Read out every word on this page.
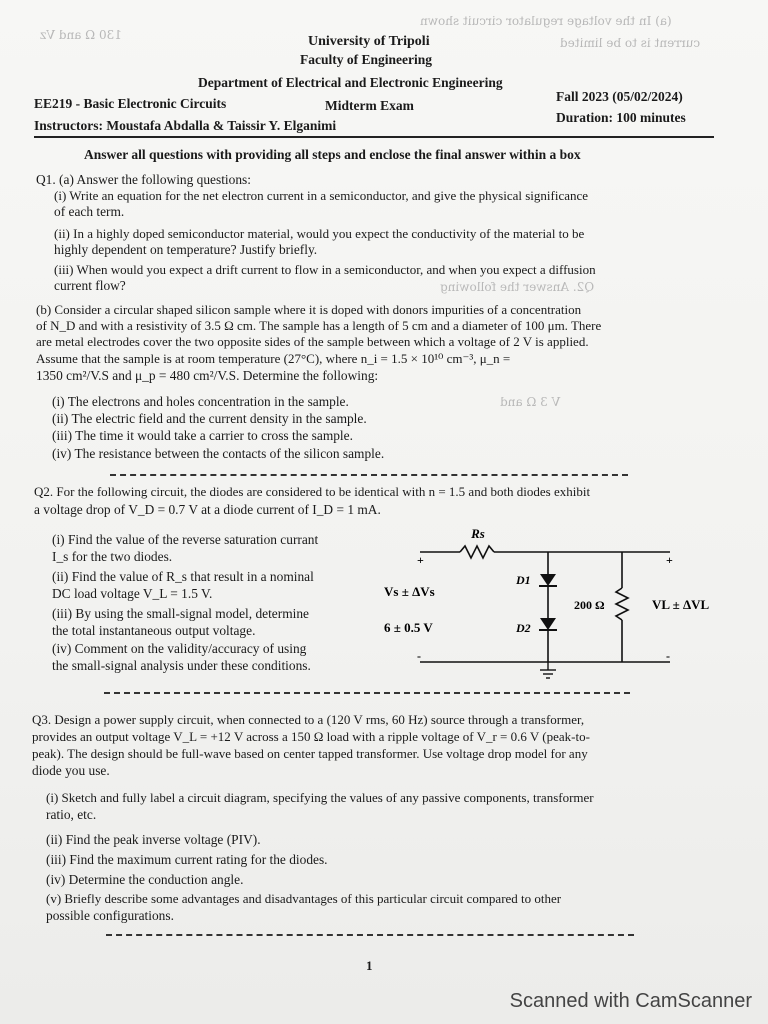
(a) In the voltage regulator circuit shown
current is to be limited
130 Ω and Vz
Q2. Answer the following
V 3 Ω and
University of Tripoli
Faculty of Engineering
Department of Electrical and Electronic Engineering
EE219 - Basic Electronic Circuits	Midterm Exam
Fall 2023 (05/02/2024)
Instructors: Moustafa Abdalla & Taissir Y. Elganimi
Duration: 100 minutes
Answer all questions with providing all steps and enclose the final answer within a box
Q1. (a) Answer the following questions:
(i) Write an equation for the net electron current in a semiconductor, and give the physical significance
of each term.
(ii) In a highly doped semiconductor material, would you expect the conductivity of the material to be
highly dependent on temperature? Justify briefly.
(iii) When would you expect a drift current to flow in a semiconductor, and when you expect a diffusion
current flow?
(b) Consider a circular shaped silicon sample where it is doped with donors impurities of a concentration
of N_D and with a resistivity of 3.5 Ω cm. The sample has a length of 5 cm and a diameter of 100 μm. There
are metal electrodes cover the two opposite sides of the sample between which a voltage of 2 V is applied.
Assume that the sample is at room temperature (27°C), where n_i = 1.5 × 10¹⁰ cm⁻³, μ_n =
1350 cm²/V.S and μ_p = 480 cm²/V.S. Determine the following:
(i) The electrons and holes concentration in the sample.
(ii) The electric field and the current density in the sample.
(iii) The time it would take a carrier to cross the sample.
(iv) The resistance between the contacts of the silicon sample.
Q2. For the following circuit, the diodes are considered to be identical with n = 1.5 and both diodes exhibit
a voltage drop of V_D = 0.7 V at a diode current of I_D = 1 mA.
(i) Find the value of the reverse saturation currant
I_s for the two diodes.
(ii) Find the value of R_s that result in a nominal
DC load voltage V_L = 1.5 V.
(iii) By using the small-signal model, determine
the total instantaneous output voltage.
(iv) Comment on the validity/accuracy of using
the small-signal analysis under these conditions.
Rs
+
-
Vs ± ΔVs
6 ± 0.5 V
D1
D2
200 Ω	VL ± ΔVL
+
-
Q3. Design a power supply circuit, when connected to a (120 V rms, 60 Hz) source through a transformer,
provides an output voltage V_L = +12 V across a 150 Ω load with a ripple voltage of V_r = 0.6 V (peak-to-
peak). The design should be full-wave based on center tapped transformer. Use voltage drop model for any
diode you use.
(i) Sketch and fully label a circuit diagram, specifying the values of any passive components, transformer
ratio, etc.
(ii) Find the peak inverse voltage (PIV).
(iii) Find the maximum current rating for the diodes.
(iv) Determine the conduction angle.
(v) Briefly describe some advantages and disadvantages of this particular circuit compared to other
possible configurations.
1
Scanned with CamScanner
